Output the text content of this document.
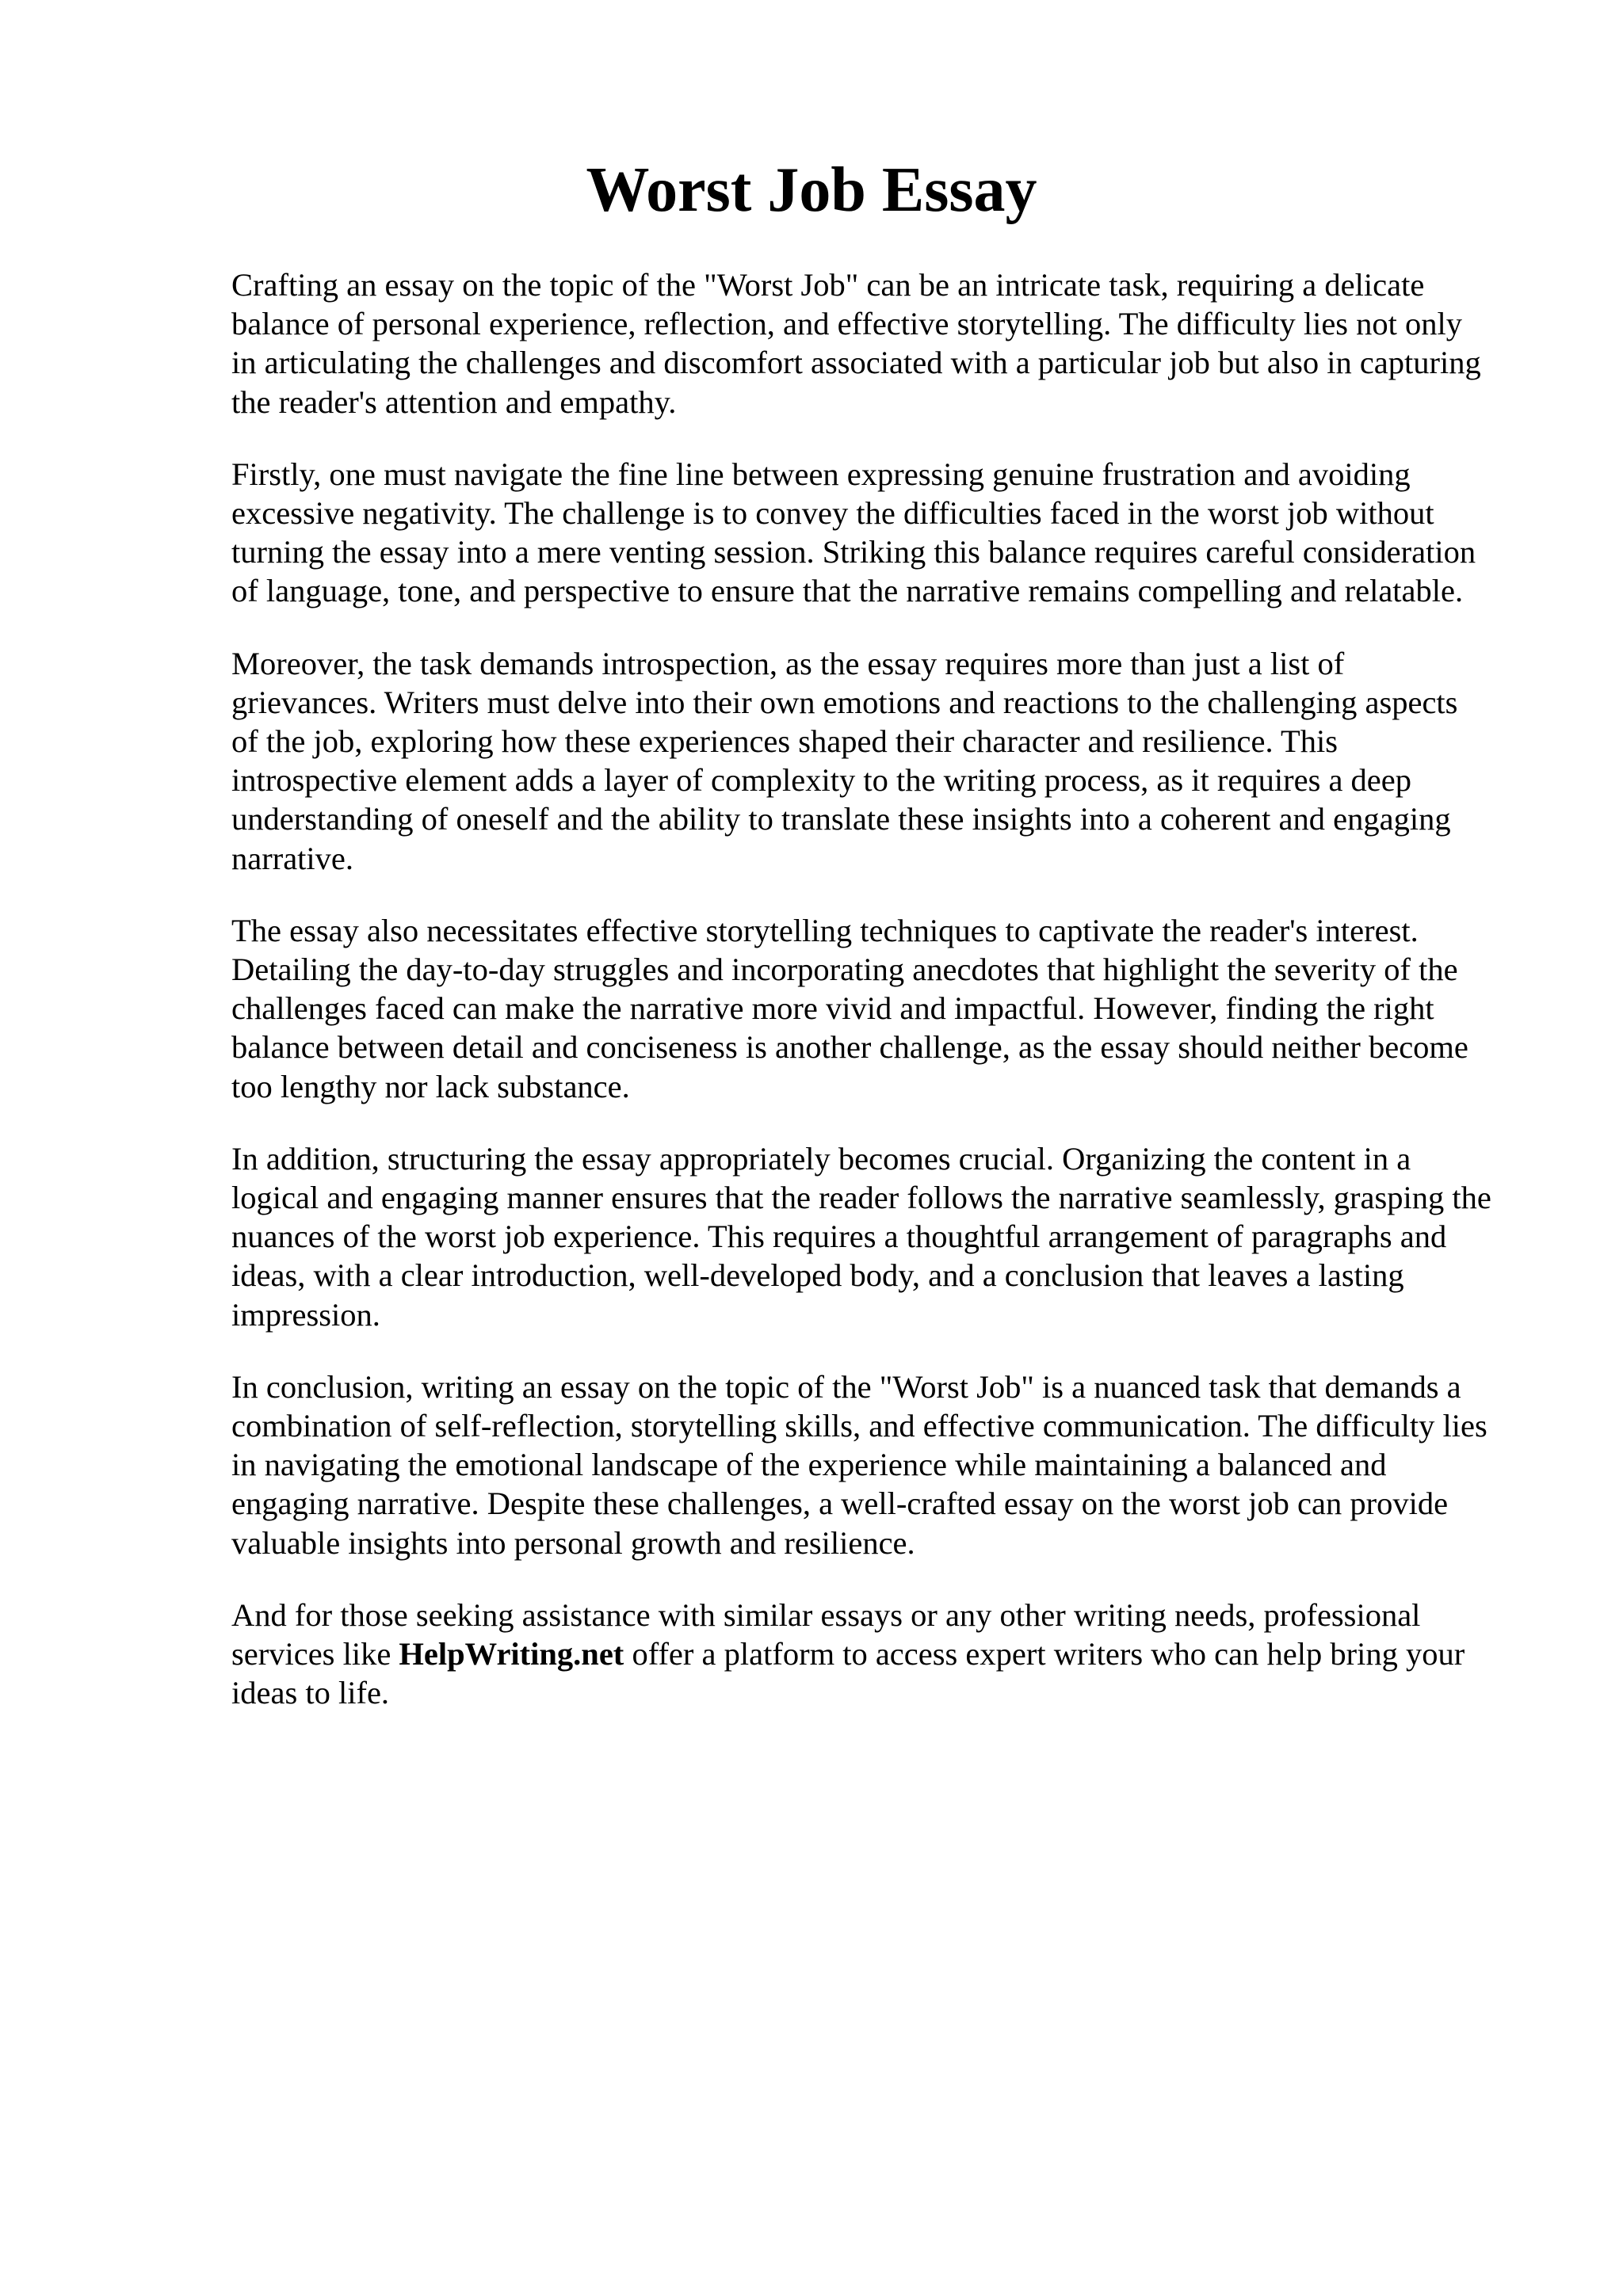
Worst Job Essay

Crafting an essay on the topic of the "Worst Job" can be an intricate task, requiring a delicate
balance of personal experience, reflection, and effective storytelling. The difficulty lies not only
in articulating the challenges and discomfort associated with a particular job but also in capturing
the reader's attention and empathy.

Firstly, one must navigate the fine line between expressing genuine frustration and avoiding
excessive negativity. The challenge is to convey the difficulties faced in the worst job without
turning the essay into a mere venting session. Striking this balance requires careful consideration
of language, tone, and perspective to ensure that the narrative remains compelling and relatable.

Moreover, the task demands introspection, as the essay requires more than just a list of
grievances. Writers must delve into their own emotions and reactions to the challenging aspects
of the job, exploring how these experiences shaped their character and resilience. This
introspective element adds a layer of complexity to the writing process, as it requires a deep
understanding of oneself and the ability to translate these insights into a coherent and engaging
narrative.

The essay also necessitates effective storytelling techniques to captivate the reader's interest.
Detailing the day-to-day struggles and incorporating anecdotes that highlight the severity of the
challenges faced can make the narrative more vivid and impactful. However, finding the right
balance between detail and conciseness is another challenge, as the essay should neither become
too lengthy nor lack substance.

In addition, structuring the essay appropriately becomes crucial. Organizing the content in a
logical and engaging manner ensures that the reader follows the narrative seamlessly, grasping the
nuances of the worst job experience. This requires a thoughtful arrangement of paragraphs and
ideas, with a clear introduction, well-developed body, and a conclusion that leaves a lasting
impression.

In conclusion, writing an essay on the topic of the "Worst Job" is a nuanced task that demands a
combination of self-reflection, storytelling skills, and effective communication. The difficulty lies
in navigating the emotional landscape of the experience while maintaining a balanced and
engaging narrative. Despite these challenges, a well-crafted essay on the worst job can provide
valuable insights into personal growth and resilience.

And for those seeking assistance with similar essays or any other writing needs, professional
services like HelpWriting.net offer a platform to access expert writers who can help bring your
ideas to life.
